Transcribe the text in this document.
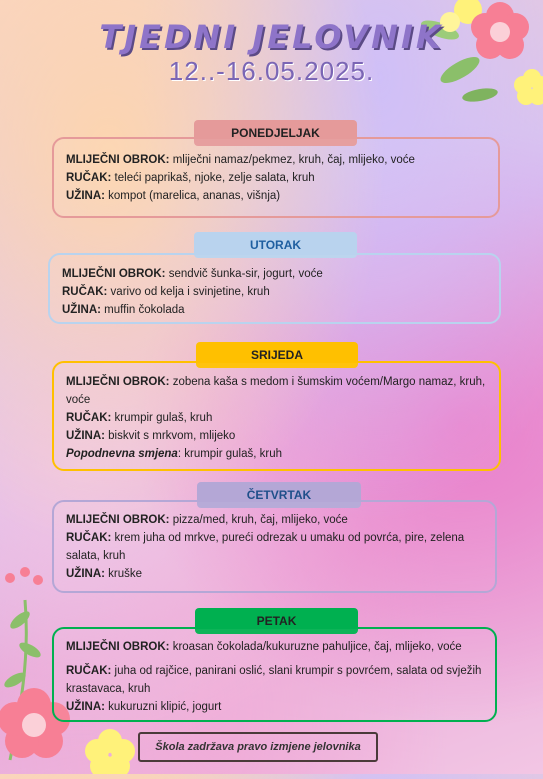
TJEDNI JELOVNIK
12..-16.05.2025.
PONEDJELJAK

MLIJEČNI OBROK: mliječni namaz/pekmez, kruh, čaj, mlijeko, voće

RUČAK: teleći paprikaš, njoke, zelje salata, kruh

UŽINA: kompot (marelica, ananas, višnja)

UTORAK

MLIJEČNI OBROK: sendvič šunka-sir, jogurt, voće

RUČAK: varivo od kelja i svinjetine, kruh

UŽINA: muffin čokolada

SRIJEDA

MLIJEČNI OBROK: zobena kaša s medom i šumskim voćem/Margo namaz, kruh, voće

RUČAK: krumpir gulaš, kruh

UŽINA: biskvit s mrkvom, mlijeko

Popodnevna smjena: krumpir gulaš, kruh

ČETVRTAK

MLIJEČNI OBROK: pizza/med, kruh, čaj, mlijeko, voće

RUČAK: krem juha od mrkve, pureći odrezak u umaku od povrća, pire, zelena salata, kruh

UŽINA: kruške

PETAK

MLIJEČNI OBROK: kroasan čokolada/kukuruzne pahuljice, čaj, mlijeko, voće

RUČAK: juha od rajčice, panirani oslić, slani krumpir s povrćem, salata od svježih krastavaca, kruh

UŽINA: kukuruzni klipić, jogurt

Škola zadržava pravo izmjene jelovnika
